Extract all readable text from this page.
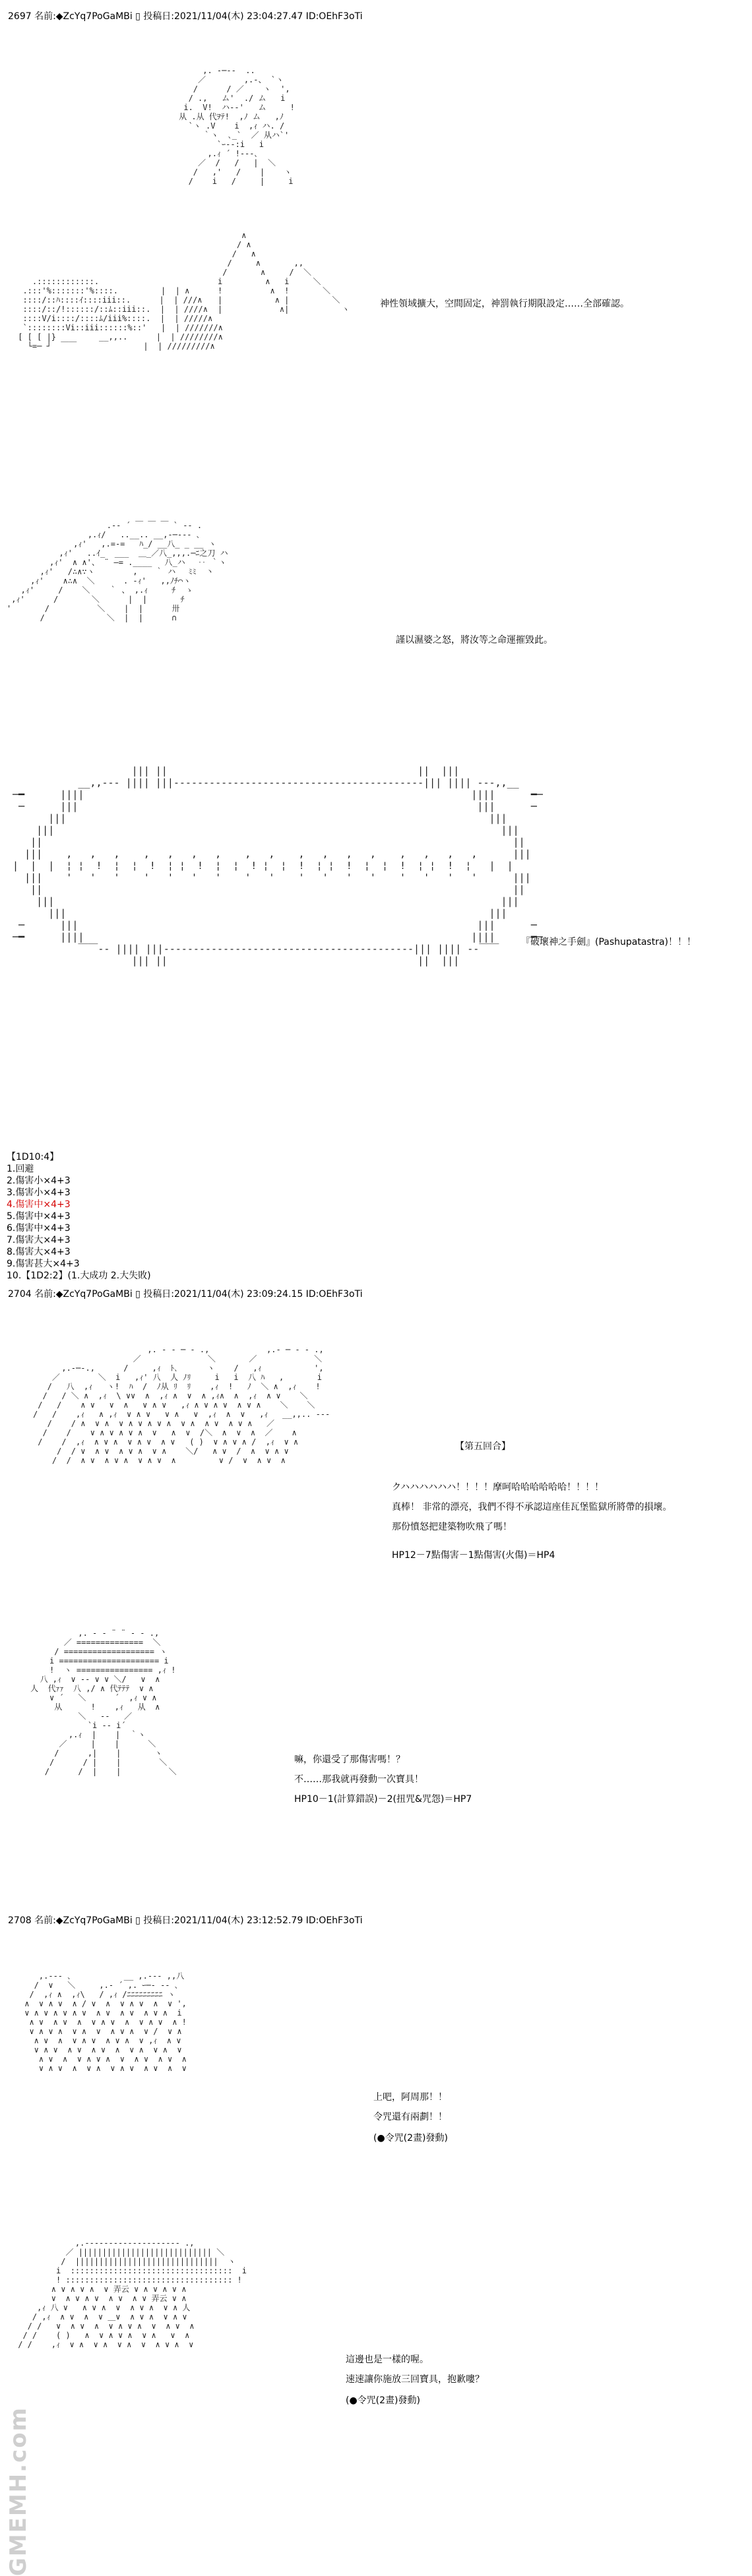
2697 名前:◆ZcYq7PoGaMBi ▯ 投稿日:2021/11/04(木) 23:04:27.47 ID:OEhF3oTi
,. -─‐-  ..
／        ,.-、 `ヽ
/      / ／    ヽ  ',
/ .,   ム'  ./ ム   i
i.  V!  ハ-‐'   ム     !
从 .从 代ｦﾃ!  ,ﾉ ム   ,ﾉ
`ヽ .V    i  ,ｨ ハ. /
｀ヽ  ､_`  ／ 从ハ`'
`ｰ‐-:i   i
,.ｨ ´ !‐‐‐､
／  /   /   |  ＼
/   ,'   /    |    ヽ
/    i   /     |     i
.::::::::::::.
.:::'%:::::::'%::::.         |  | ∧
::::/::ﾊ::::ｲ::::iii::.      |  | ///∧
::::/::/!::::::/::ﾑ::iii::.  |  | ////∧
::::V/i::::/::::ﾑ/iii%::::.  |  | /////∧
`::::::::Vi::iii::::::%::'   |  | ///////∧
[ [ [ |}         __,,..      |  | ////////∧
└=─ ┘  ￣￣              |  | /////////∧
∧
/ ∧
/   ∧
/     ∧       ,,
/       ∧     /  ＼
i         ∧   i     ＼
!          ∧  !       ＼
|           ∧ |         ＼
|            ∧|           ヽ	神性領域擴大，空間固定，神罰執行期限設定……全部確認。
.-‐ ´ ￣ ￣ ￣ ` ‐- .
,.ｨ/   ..__.. __,-─‐‐- ､
,ｨ'   ,.=‐=   ﾊ_/ __八_ _ __ ヽ
,ｨ'   ..ｲ_  ___  ＿_／八_,,,.─ﾆ之刀 ハ
,ｨ'  ∧ ∧'、 ¨ ―= .____ 　八_ハ　 ‥ ｀ヽ
,ｨ'   /∴∧∵ヽ        ,  　｀ ハ　 ﾐﾐ  丶
,ｨ'    ∧∴∧  ＼      . ‐ｨ'   ,,ﾉﾁ⌒ヽ
,ｨ'     /    ＼    ｀ 、 ,.ｨ     ﾁ  ゝ
,ｨ'      /       ＼      |  |       ﾁ
'       /          ＼    |  |      卅
/             ＼  |  |      ∩
謹以濕婆之怒，將汝等之命運摧毀此。
||| ||                                          ||  |||
__,,-‐‐ |||| |||------------------------------------------||| |||| ‐‐-,,__
─━      ||||                                                                 ||||      ━─
─      |||                                                                   |||      ─
|||                                                                       |||
|||                                                                           |||
||                                                                               ||
|||    ,   ,   ,    ,   ,   ,   ,    ,   ,    ,   ,   ,   ,    ,   ,   ,   ,      |||
|  |  |  ¦ ¦  !  ¦  ¦  !  ¦ ¦  !  ¦  ¦  ! ¦  ¦  !  ¦ ¦  !  ¦  ¦  !  ¦ ¦  !  ¦   |  |
|||    '   '   '    '   '   '   '    '   '    '   '   '   '    '   '   '   '      |||
||                                                                               ||
|||                                                                           |||
|||                                                                       |||
─      |||                                                                   |||      ─
─━      ||||                                                                 ||||      ━─
￣￣‐‐ |||| |||------------------------------------------||| |||| ‐‐￣￣
||| ||                                          ||  |||
『破壞神之手劍』(Pashupatastra)！！！
【1D10:4】
1.回避
2.傷害小×4+3
3.傷害小×4+3
4.傷害中×4+3
5.傷害中×4+3
6.傷害中×4+3
7.傷害大×4+3
8.傷害大×4+3
9.傷害甚大×4+3
10.【1D2:2】(1.大成功 2.大失敗)
2704 名前:◆ZcYq7PoGaMBi ▯ 投稿日:2021/11/04(木) 23:09:24.15 ID:OEhF3oTi
,. - ‐ ─ - .,            ,.- ─ ‐ - .,
／              ＼       ／            ＼
,.-─-.,      /     ,ｨ  ﾄ､      ヽ    /   ,ｨ           ',
／        ＼  i   ,ｨ' 八  人 ﾉﾘ     i   i  八 ﾊ   ,       i
/   八  ,ｨ   ヽ!  ﾊ  /  ﾉ从 ﾘ  ﾘ    ,ｨ  !   ﾉ  ＼ ∧  ,ｨ    !
/   / ＼ ∧  ,ｨ  \ ∨∨  ∧  ,ｨ ∧  ∨  ∧ ,ｨ∧  ∧  ,ｨ  ∧ ∨    ＼
/   /    ∧ ∨   ∨  ∧   ∨ ∧ ∨   ,ｨ ∧ ∨ ∧ ∨  ∧ ∨ ∧    ＼    ＼
/   /    ,ｨ   ∧ ,ｨ  ∨ ∧ ∨   ∨ ∧   ∨  ,ｨ  ∧  ∨   ,ｨ   __,,.. -‐‐
/    / ∧  ∨ ∧  ∨ ∧ ∨ ∧ ∨ ∧  ∨ ∧  ∧ ∨  ∧ ∨ ∧   ／
/    /    ∨ ∧ ∨ ∧ ∨ ∧  ∨   ∧  ∨  /＼  ∧  ∨  ∧  ／    ∧
/    /  ,ｨ  ∧ ∨ ∧  ∨ ∧ ∨  ∧ ∨   ( )  ∨ ∧ ∨ ∧ /  ,ｨ  ∨ ∧
/  / ∨  ∧ ∨  ∧ ∨ ∧  ∨ ∧    ＼/   ∧ ∨  /  ∧  ∨ ∧ ∨
/  /  ∧ ∨  ∧ ∨ ∧  ∨ ∧ ∨  ∧         ∨ /  ∨  ∧ ∨  ∧
【第五回合】
クハハハハハハ！！！！摩呵哈哈哈哈哈哈！！！！
真棒！ 非常的漂亮，我們不得不承認這座佳瓦堡監獄所將帶的損壞。
那份憤怒把建築物吹飛了嗎！
HP12－7點傷害－1點傷害(火傷)＝HP4
,. - ‐ ¨ ¨ ‐ - .,
／ ==============  ＼
/ =================== ヽ
i ===================== i
!  ヽ ================ ,ｨ !
八 ,ｨ  ∨ -‐ ∨ ∨ ＼/   ∨  ∧
人  代ｧｧ  八 ,/ ∧ 代ﾃﾃﾃ  ∨ ∧
∨ ´   ＼      ´  ,ｨ ∨ ∧
从      !    ,ｨ   从  ∧
＼   ‐‐   ／
`i ‐‐ i´
,.ｨ  |    |  ｀ヽ
／     |    |      ＼
/      ,|    |       ヽ
/      / |    |        ＼
/      /  |    |          ＼
嘛，你還受了那傷害嗎！？
不……那我就再發動一次寶具！
HP10－1(計算錯誤)－2(扭咒&咒怨)＝HP7
2708 名前:◆ZcYq7PoGaMBi ▯ 投稿日:2021/11/04(木) 23:12:52.79 ID:OEhF3oTi
,.-‐‐ ､           __ ,.-‐‐ ,,八
/  ∨   ＼     ,.- ´ ,. ｰ─‐ ‐- ､
/  ,ｨ ∧  ,ｨ\   / ,ｨ /ﾆﾆﾆﾆﾆﾆﾆﾆﾆ ヽ
∧  ∨ ∧ ∨  ∧ / ∨  ∧  ∨ ∧ ∨  ∧  ∨ ',
∨ ∧ ∨ ∧ ∨ ∧ ∨  ∧ ∨  ∧ ∨  ∧ ∨ ∧  i
∧ ∨  ∧ ∨  ∧  ∨ ∧ ∨  ∧  ∨ ∧ ∨  ∧ !
∨ ∧ ∨ ∧  ∨ ∧  ∨  ∧ ∨ ∧  ∨ /  ∨ ∧
∧ ∨  ∧  ∨ ∧ ∨  ∧ ∨ ∧  ∨ ,ｨ  ∧ ∨
∨ ∧ ∨  ∧ ∨  ∧ ∨  ∧  ∨ ∧  ∨ ∧  ∨
∧ ∨  ∧  ∨ ∧ ∨ ∧  ∨  ∧ ∨  ∧ ∨  ∧
∨ ∧ ∨  ∧  ∨ ∧  ∨ ∧ ∨  ∧ ∨  ∧  ∨
上吧，阿周那！！
令咒還有兩劃！！
(●令咒(2畫)發動)
,.-‐‐‐‐‐‐‐‐‐‐‐‐‐‐‐‐‐‐- .,
／ |||||||||||||||||||||||||||| ＼
/  ||||||||||||||||||||||||||||||  ヽ
i  ::::::::::::::::::::::::::::::::::  i
! ::::::::::::::::::::::::::::::::::: !
∧ ∨ ∧ ∨ ∧  ∨ 弄云 ∨ ∧ ∨ ∧ ∨ ∧
∨  ∧ ∨ ∧ ∨  ∧ ∨  ∧ ∨ 弄云 ∨ ∧
,ｨ 八 ∨   ∧ ∨ ∧  ∨  ∧ ∨ ∧  ∨ ∧ 人
/ ,ｨ  ∧ ∨  ∧  ∨ ＿∨  ∧ ∨ ∧  ∨ ∧ ∨
/ /   ∨  ∧ ∨  ∧  ∨ ∧ ∨ ∧  ∨  ∧ ∨  ∧
/ /    ( )   ∧  ∨ ∧ ∨ ∧  ∨ ∧   ∨  ∧
/ /    ,ｨ  ∨ ∧  ∨ ∧  ∨ ∧  ∨  ∧ ∨ ∧  ∨
這邊也是一樣的喔。
速速讓你施放三回寶具，抱歉嘍？
(●令咒(2畫)發動)
GMEMH.com
